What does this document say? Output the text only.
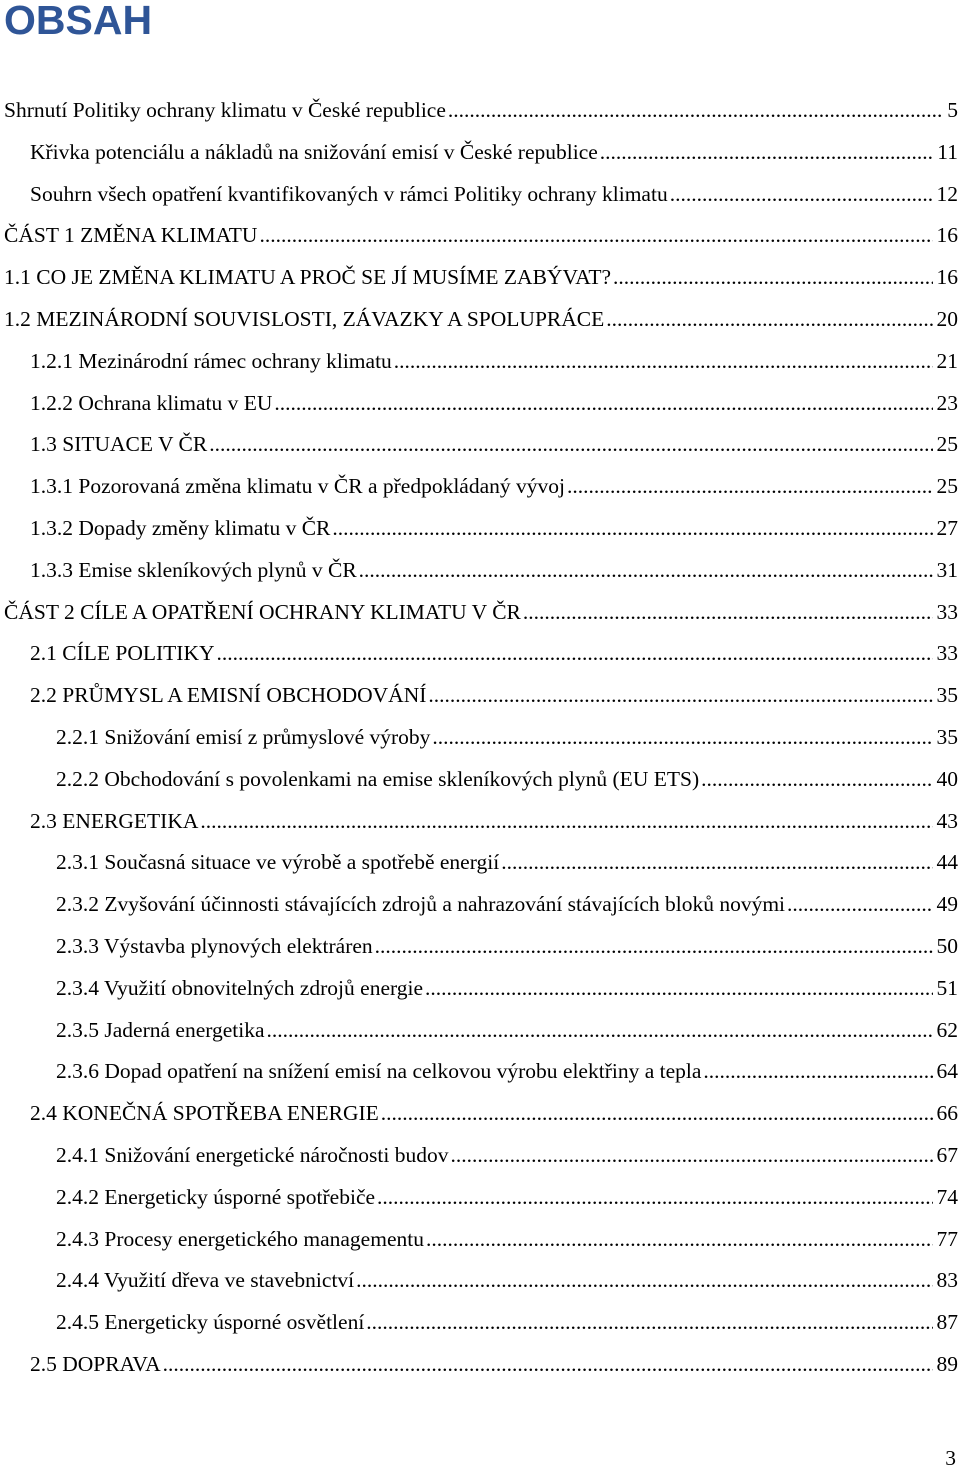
OBSAH
Shrnutí Politiky ochrany klimatu v České republice .....	5
Křivka potenciálu a nákladů na snižování emisí v České republice .....	11
Souhrn všech opatření kvantifikovaných v rámci Politiky ochrany klimatu .....	12
ČÁST 1 ZMĚNA KLIMATU .....	16
1.1 CO JE ZMĚNA KLIMATU A PROČ SE JÍ MUSÍME ZABÝVAT? .....	16
1.2 MEZINÁRODNÍ SOUVISLOSTI, ZÁVAZKY A SPOLUPRÁCE .....	20
1.2.1 Mezinárodní rámec ochrany klimatu .....	21
1.2.2 Ochrana klimatu v EU .....	23
1.3 SITUACE V ČR .....	25
1.3.1 Pozorovaná změna klimatu v ČR a předpokládaný vývoj .....	25
1.3.2 Dopady změny klimatu v ČR .....	27
1.3.3 Emise skleníkových plynů v ČR .....	31
ČÁST 2 CÍLE A OPATŘENÍ OCHRANY KLIMATU V ČR .....	33
2.1 CÍLE POLITIKY .....	33
2.2 PRŮMYSL A EMISNÍ OBCHODOVÁNÍ .....	35
2.2.1 Snižování emisí z průmyslové výroby .....	35
2.2.2 Obchodování s povolenkami na emise skleníkových plynů (EU ETS) .....	40
2.3 ENERGETIKA .....	43
2.3.1 Současná situace ve výrobě a spotřebě energií .....	44
2.3.2 Zvyšování účinnosti stávajících zdrojů a nahrazování stávajících bloků novými .....	49
2.3.3 Výstavba plynových elektráren .....	50
2.3.4 Využití obnovitelných zdrojů energie .....	51
2.3.5 Jaderná energetika .....	62
2.3.6 Dopad opatření na snížení emisí na celkovou výrobu elektřiny a tepla .....	64
2.4 KONEČNÁ SPOTŘEBA ENERGIE .....	66
2.4.1 Snižování energetické náročnosti budov .....	67
2.4.2 Energeticky úsporné spotřebiče .....	74
2.4.3 Procesy energetického managementu .....	77
2.4.4 Využití dřeva ve stavebnictví .....	83
2.4.5 Energeticky úsporné osvětlení .....	87
2.5 DOPRAVA .....	89
3
